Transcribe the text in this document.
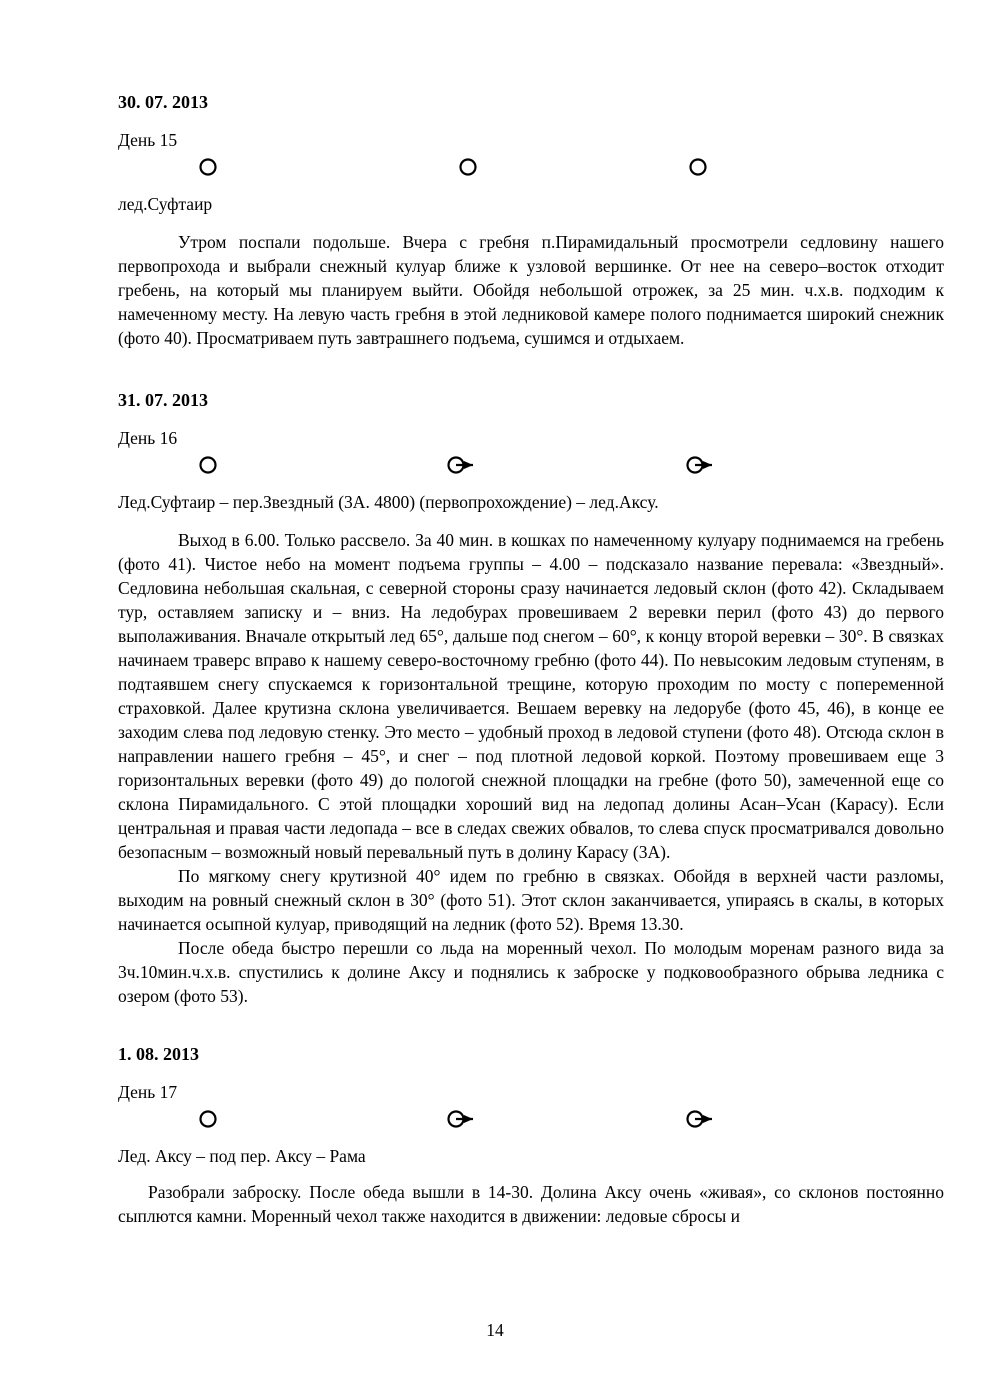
30. 07. 2013

День 15

лед.Суфтаир

Утром поспали подольше. Вчера с гребня п.Пирамидальный просмотрели седловину нашего первопрохода и выбрали снежный кулуар ближе к узловой вершинке. От нее на северо–восток отходит гребень, на который мы планируем выйти. Обойдя небольшой отрожек, за 25 мин. ч.х.в. подходим к намеченному месту. На левую часть гребня в этой ледниковой камере полого поднимается широкий снежник (фото 40). Просматриваем путь завтрашнего подъема, сушимся и отдыхаем.

31. 07. 2013

День 16

Лед.Суфтаир – пер.Звездный (3А. 4800) (первопрохождение) – лед.Аксу.

Выход в 6.00. Только рассвело. За 40 мин. в кошках по намеченному кулуару поднимаемся на гребень (фото 41). Чистое небо на момент подъема группы – 4.00 – подсказало название перевала: «Звездный». Седловина небольшая скальная, с северной стороны сразу начинается ледовый склон (фото 42). Складываем тур, оставляем записку и – вниз. На ледобурах провешиваем 2 веревки перил (фото 43) до первого выполаживания. Вначале открытый лед 65°, дальше под снегом – 60°, к концу второй веревки – 30°. В связках начинаем траверс вправо к нашему северо-восточному гребню (фото 44). По невысоким ледовым ступеням, в подтаявшем снегу спускаемся к горизонтальной трещине, которую проходим по мосту с попеременной страховкой. Далее крутизна склона увеличивается. Вешаем веревку на ледорубе (фото 45, 46), в конце ее заходим слева под ледовую стенку. Это место – удобный проход в ледовой ступени (фото 48). Отсюда склон в направлении нашего гребня – 45°, и снег – под плотной ледовой коркой. Поэтому провешиваем еще 3 горизонтальных веревки (фото 49) до пологой снежной площадки на гребне (фото 50), замеченной еще со склона Пирамидального. С этой площадки хороший вид на ледопад долины Асан–Усан (Карасу). Если центральная и правая части ледопада – все в следах свежих обвалов, то слева спуск просматривался довольно безопасным – возможный новый перевальный путь в долину Карасу (3А).

По мягкому снегу крутизной 40° идем по гребню в связках. Обойдя в верхней части разломы, выходим на ровный снежный склон в 30° (фото 51). Этот склон заканчивается, упираясь в скалы, в которых начинается осыпной кулуар, приводящий на ледник (фото 52). Время 13.30.

После обеда быстро перешли со льда на моренный чехол. По молодым моренам разного вида за 3ч.10мин.ч.х.в. спустились к долине Аксу и поднялись к заброске у подковообразного обрыва ледника с озером (фото 53).

1. 08. 2013

День 17

Лед. Аксу – под пер. Аксу – Рама

Разобрали заброску. После обеда вышли в 14-30. Долина Аксу очень «живая», со склонов постоянно сыплются камни. Моренный чехол также находится в движении: ледовые сбросы и

14
